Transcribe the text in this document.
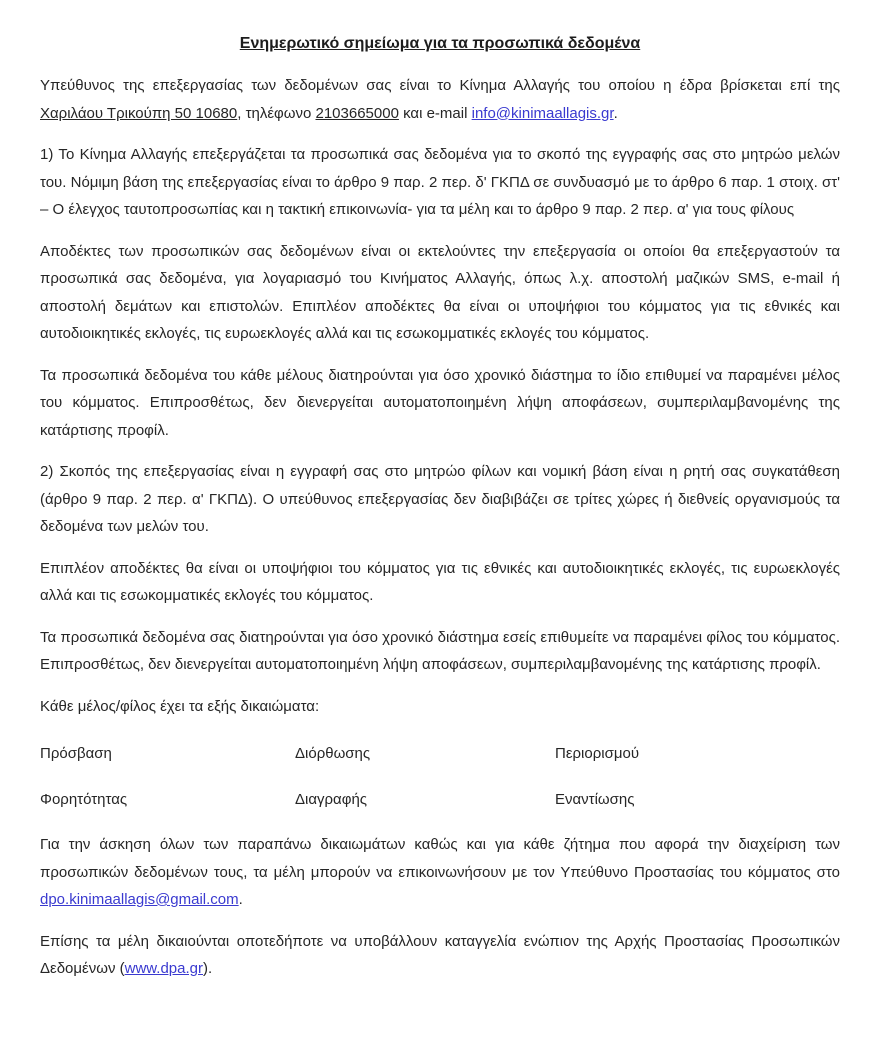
Ενημερωτικό σημείωμα για τα προσωπικά δεδομένα

Υπεύθυνος της επεξεργασίας των δεδομένων σας είναι το Κίνημα Αλλαγής του οποίου η έδρα βρίσκεται επί της Χαριλάου Τρικούπη 50 10680, τηλέφωνο 2103665000 και e-mail info@kinimaallagis.gr.

1) Το Κίνημα Αλλαγής επεξεργάζεται τα προσωπικά σας δεδομένα για το σκοπό της εγγραφής σας στο μητρώο μελών του. Νόμιμη βάση της επεξεργασίας είναι το άρθρο 9 παρ. 2 περ. δ' ΓΚΠΔ σε συνδυασμό με το άρθρο 6 παρ. 1 στοιχ. στ' – Ο έλεγχος ταυτοπροσωπίας και η τακτική επικοινωνία- για τα μέλη και το άρθρο 9 παρ. 2 περ. α' για τους φίλους

Αποδέκτες των προσωπικών σας δεδομένων είναι οι εκτελούντες την επεξεργασία οι οποίοι θα επεξεργαστούν τα προσωπικά σας δεδομένα, για λογαριασμό του Κινήματος Αλλαγής, όπως λ.χ. αποστολή μαζικών SMS, e-mail ή αποστολή δεμάτων και επιστολών. Επιπλέον αποδέκτες θα είναι οι υποψήφιοι του κόμματος για τις εθνικές και αυτοδιοικητικές εκλογές, τις ευρωεκλογές αλλά και τις εσωκομματικές εκλογές του κόμματος.

Τα προσωπικά δεδομένα του κάθε μέλους διατηρούνται για όσο χρονικό διάστημα το ίδιο επιθυμεί να παραμένει μέλος του κόμματος. Επιπροσθέτως, δεν διενεργείται αυτοματοποιημένη λήψη αποφάσεων, συμπεριλαμβανομένης της κατάρτισης προφίλ.

2) Σκοπός της επεξεργασίας είναι η εγγραφή σας στο μητρώο φίλων και νομική βάση είναι η ρητή σας συγκατάθεση (άρθρο 9 παρ. 2 περ. α' ΓΚΠΔ). Ο υπεύθυνος επεξεργασίας δεν διαβιβάζει σε τρίτες χώρες ή διεθνείς οργανισμούς τα δεδομένα των μελών του.

Επιπλέον αποδέκτες θα είναι οι υποψήφιοι του κόμματος για τις εθνικές και αυτοδιοικητικές εκλογές, τις ευρωεκλογές αλλά και τις εσωκομματικές εκλογές του κόμματος.

Τα προσωπικά δεδομένα σας διατηρούνται για όσο χρονικό διάστημα εσείς επιθυμείτε να παραμένει φίλος του κόμματος. Επιπροσθέτως, δεν διενεργείται αυτοματοποιημένη λήψη αποφάσεων, συμπεριλαμβανομένης της κατάρτισης προφίλ.

Κάθε μέλος/φίλος έχει τα εξής δικαιώματα:

Πρόσβαση	Διόρθωσης	Περιορισμού
Φορητότητας	Διαγραφής	Εναντίωσης

Για την άσκηση όλων των παραπάνω δικαιωμάτων καθώς και για κάθε ζήτημα που αφορά την διαχείριση των προσωπικών δεδομένων τους, τα μέλη μπορούν να επικοινωνήσουν με τον Υπεύθυνο Προστασίας του κόμματος στο dpo.kinimaallagis@gmail.com.

Επίσης τα μέλη δικαιούνται οποτεδήποτε να υποβάλλουν καταγγελία ενώπιον της Αρχής Προστασίας Προσωπικών Δεδομένων (www.dpa.gr).
